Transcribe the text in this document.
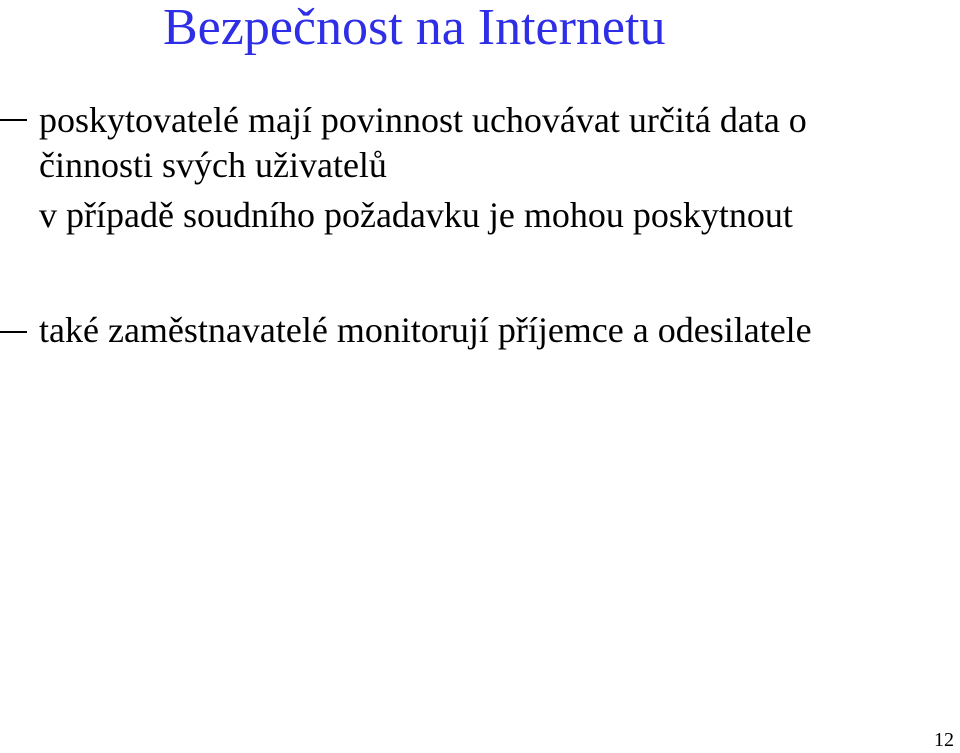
Bezpečnost na Internetu
poskytovatelé mají povinnost uchovávat určitá data o
činnosti svých uživatelů
v případě soudního požadavku je mohou poskytnout
také zaměstnavatelé monitorují příjemce a odesilatele
12
